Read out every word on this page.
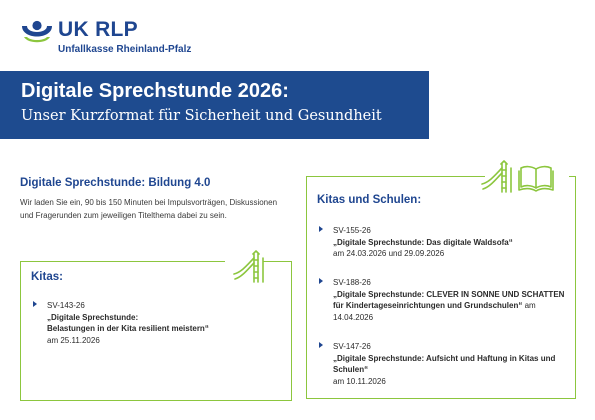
UK RLP
Unfallkasse Rheinland-Pfalz
Digitale Sprechstunde 2026:
Unser Kurzformat für Sicherheit und Gesundheit
Digitale Sprechstunde: Bildung 4.0
Wir laden Sie ein, 90 bis 150 Minuten bei Impulsvorträgen, Diskussionen und Fragerunden zum jeweiligen Titelthema dabei zu sein.
Kitas:
SV-143-26
„Digitale Sprechstunde:
Belastungen in der Kita resilient meistern“
am 25.11.2026
Kitas und Schulen:
SV-155-26
„Digitale Sprechstunde: Das digitale Waldsofa“
am 24.03.2026 und 29.09.2026
SV-188-26
„Digitale Sprechstunde: CLEVER IN SONNE UND SCHATTEN für Kindertageseinrichtungen und Grundschulen“ am 14.04.2026
SV-147-26
„Digitale Sprechstunde: Aufsicht und Haftung in Kitas und Schulen“
am 10.11.2026
